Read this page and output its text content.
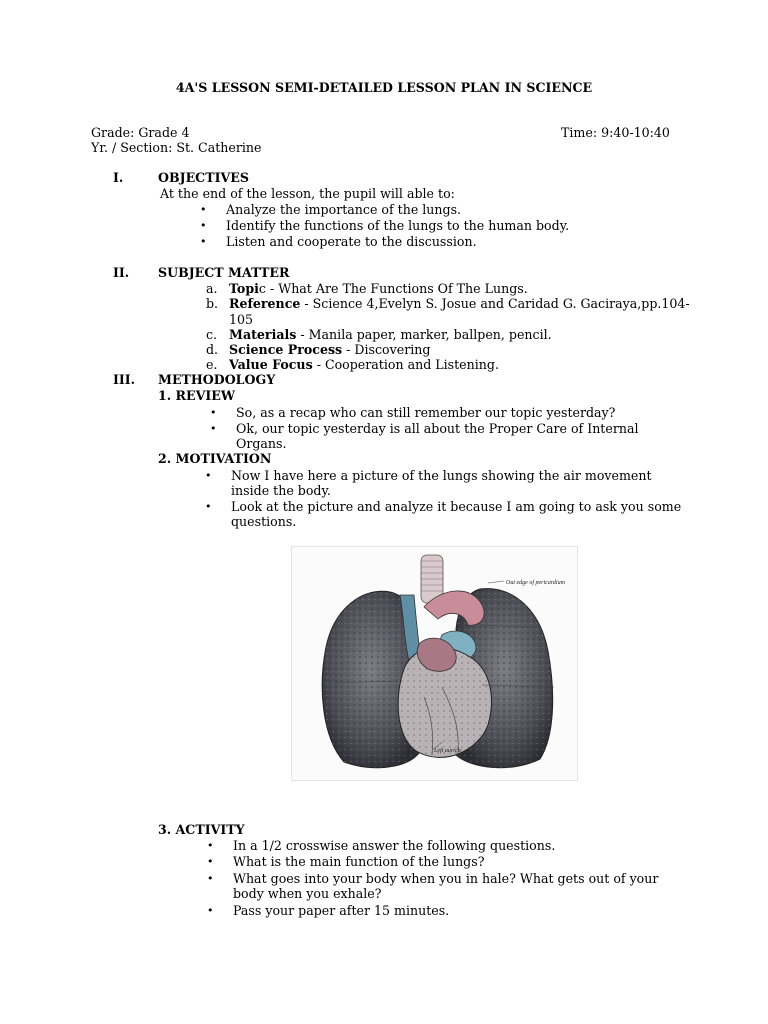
4A'S LESSON SEMI-DETAILED LESSON PLAN IN SCIENCE
Grade: Grade 4	Time: 9:40-10:40
Yr. / Section: St. Catherine
I.	OBJECTIVES
At the end of the lesson, the pupil will able to:
• Analyze the importance of the lungs.
• Identify the functions of the lungs to the human body.
• Listen and cooperate to the discussion.
II. SUBJECT MATTER
a. Topic - What Are The Functions Of The Lungs.
b. Reference - Science 4,Evelyn S. Josue and Caridad G. Gaciraya,pp.104-
105
c. Materials - Manila paper, marker, ballpen, pencil.
d. Science Process - Discovering
e. Value Focus - Cooperation and Listening.
III. METHODOLOGY
1. REVIEW
• So, as a recap who can still remember our topic yesterday?
• Ok, our topic yesterday is all about the Proper Care of Internal
Organs.
2. MOTIVATION
• Now I have here a picture of the lungs showing the air movement
inside the body.
• Look at the picture and analyze it because I am going to ask you some
questions.
Out edge of pericardium
Left auricle
3. ACTIVITY
• In a 1/2 crosswise answer the following questions.
• What is the main function of the lungs?
• What goes into your body when you in hale? What gets out of your
body when you exhale?
• Pass your paper after 15 minutes.
